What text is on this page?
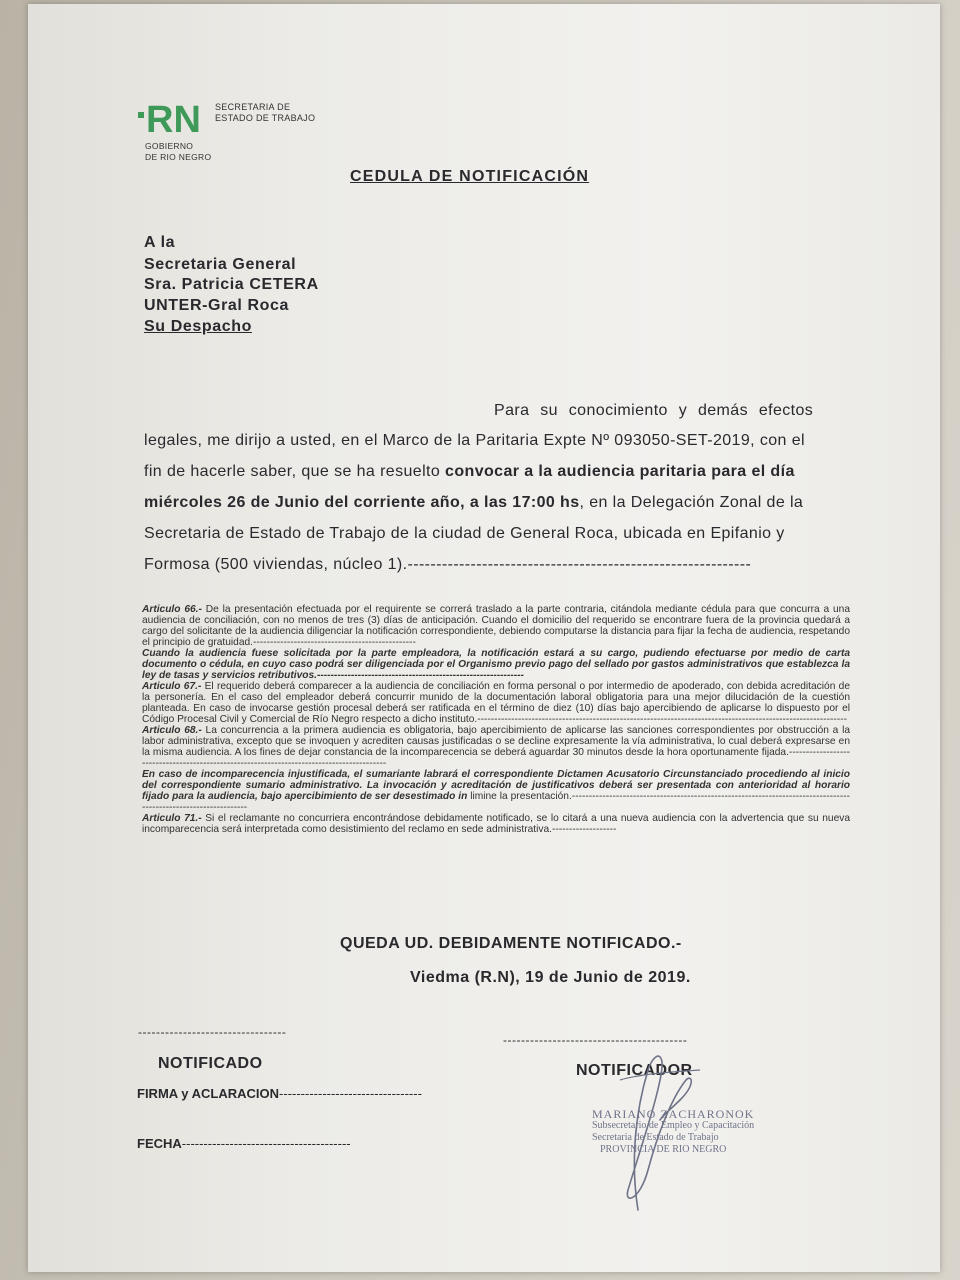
RN SECRETARIA DE
ESTADO DE TRABAJO
GOBIERNO
DE RIO NEGRO
CEDULA DE NOTIFICACIÓN
A la
Secretaria General
Sra. Patricia CETERA
UNTER-Gral Roca
Su Despacho
Para su conocimiento y demás efectos
legales, me dirijo a usted, en el Marco de la Paritaria Expte Nº 093050-SET-2019, con el
fin de hacerle saber, que se ha resuelto convocar a la audiencia paritaria para el día
miércoles 26 de Junio del corriente año, a las 17:00 hs, en la Delegación Zonal de la
Secretaria de Estado de Trabajo de la ciudad de General Roca, ubicada en Epifanio y
Formosa (500 viviendas, núcleo 1).------------------------------------------------------------
Articulo 66.- De la presentación efectuada por el requirente se correrá traslado a la parte contraria, citándola mediante cédula para que concurra a una audiencia de conciliación, con no menos de tres (3) días de anticipación. Cuando el domicilio del requerido se encontrare fuera de la provincia quedará a cargo del solicitante de la audiencia diligenciar la notificación correspondiente, debiendo computarse la distancia para fijar la fecha de audiencia, respetando el principio de gratuidad.------------------------------------------------
Cuando la audiencia fuese solicitada por la parte empleadora, la notificación estará a su cargo, pudiendo efectuarse por medio de carta documento o cédula, en cuyo caso podrá ser diligenciada por el Organismo previo pago del sellado por gastos administrativos que establezca la ley de tasas y servicios retributivos.-------------------------------------------------------------
Articulo 67.- El requerido deberá comparecer a la audiencia de conciliación en forma personal o por intermedio de apoderado, con debida acreditación de la personería. En el caso del empleador deberá concurrir munido de la documentación laboral obligatoria para una mejor dilucidación de la cuestión planteada. En caso de invocarse gestión procesal deberá ser ratificada en el término de diez (10) días bajo apercibiendo de aplicarse lo dispuesto por el Código Procesal Civil y Comercial de Río Negro respecto a dicho instituto.-------------------------------------------------------------------------------------------------------------
Articulo 68.- La concurrencia a la primera audiencia es obligatoria, bajo apercibimiento de aplicarse las sanciones correspondientes por obstrucción a la labor administrativa, excepto que se invoquen y acrediten causas justificadas o se decline expresamente la vía administrativa, lo cual deberá expresarse en la misma audiencia. A los fines de dejar constancia de la incomparecencia se deberá aguardar 30 minutos desde la hora oportunamente fijada.------------------------------------------------------------------------------------------
En caso de incomparecencia injustificada, el sumariante labrará el correspondiente Dictamen Acusatorio Circunstanciado procediendo al inicio del correspondiente sumario administrativo. La invocación y acreditación de justificativos deberá ser presentada con anterioridad al horario fijado para la audiencia, bajo apercibimiento de ser desestimado in limine la presentación.-----------------------------------------------------------------------------------------------------------------
Articulo 71.- Si el reclamante no concurriera encontrándose debidamente notificado, se lo citará a una nueva audiencia con la advertencia que su nueva incomparecencia será interpretada como desistimiento del reclamo en sede administrativa.-------------------
QUEDA UD. DEBIDAMENTE NOTIFICADO.-
Viedma (R.N), 19 de Junio de 2019.
---------------------------------
NOTIFICADO
FIRMA y ACLARACION---------------------------------
FECHA---------------------------------------
-----------------------------------------
NOTIFICADOR
MARIANO ZACHARONOK
Subsecretario de Empleo y Capacitación
Secretaria de Estado de Trabajo
PROVINCIA DE RIO NEGRO
